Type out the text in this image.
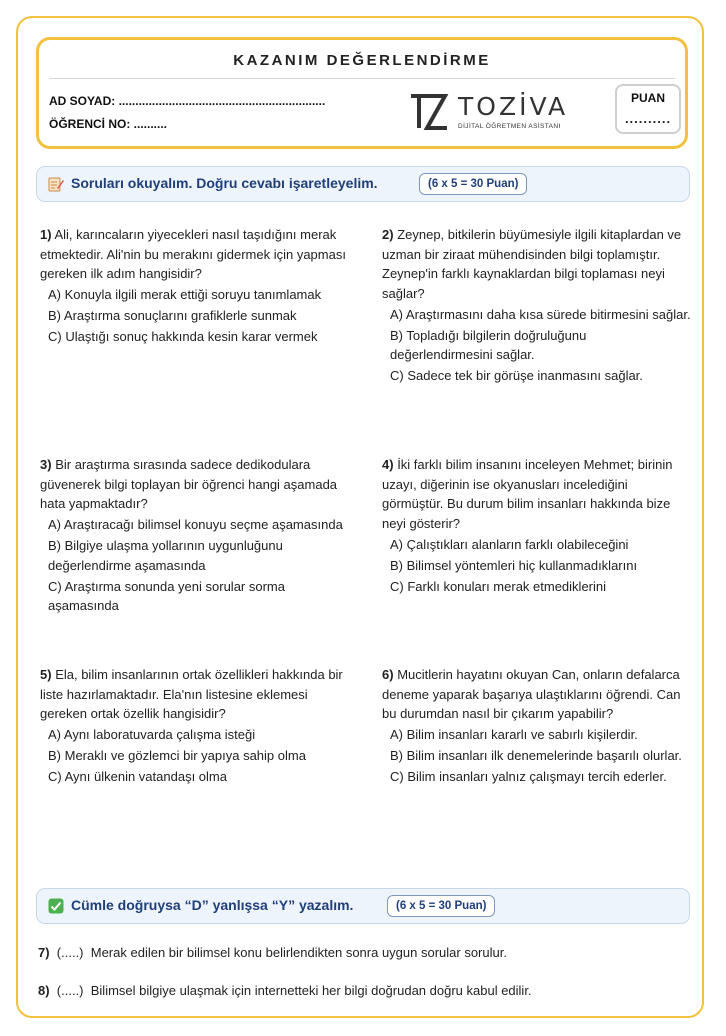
KAZANIM DEĞERLENDİRME
AD SOYAD: ..............................................................
ÖĞRENCİ NO: ..........
TOZİVA
DİJİTAL ÖĞRETMEN ASİSTANI
PUAN
..........
Soruları okuyalım. Doğru cevabı işaretleyelim.	(6 x 5 = 30 Puan)
1) Ali, karıncaların yiyecekleri nasıl taşıdığını merak etmektedir. Ali'nin bu merakını gidermek için yapması gereken ilk adım hangisidir?
A) Konuyla ilgili merak ettiği soruyu tanımlamak
B) Araştırma sonuçlarını grafiklerle sunmak
C) Ulaştığı sonuç hakkında kesin karar vermek
2) Zeynep, bitkilerin büyümesiyle ilgili kitaplardan ve uzman bir ziraat mühendisinden bilgi toplamıştır. Zeynep'in farklı kaynaklardan bilgi toplaması neyi sağlar?
A) Araştırmasını daha kısa sürede bitirmesini sağlar.
B) Topladığı bilgilerin doğruluğunu değerlendirmesini sağlar.
C) Sadece tek bir görüşe inanmasını sağlar.
3) Bir araştırma sırasında sadece dedikodulara güvenerek bilgi toplayan bir öğrenci hangi aşamada hata yapmaktadır?
A) Araştıracağı bilimsel konuyu seçme aşamasında
B) Bilgiye ulaşma yollarının uygunluğunu değerlendirme aşamasında
C) Araştırma sonunda yeni sorular sorma aşamasında
4) İki farklı bilim insanını inceleyen Mehmet; birinin uzayı, diğerinin ise okyanusları incelediğini görmüştür. Bu durum bilim insanları hakkında bize neyi gösterir?
A) Çalıştıkları alanların farklı olabileceğini
B) Bilimsel yöntemleri hiç kullanmadıklarını
C) Farklı konuları merak etmediklerini
5) Ela, bilim insanlarının ortak özellikleri hakkında bir liste hazırlamaktadır. Ela'nın listesine eklemesi gereken ortak özellik hangisidir?
A) Aynı laboratuvarda çalışma isteği
B) Meraklı ve gözlemci bir yapıya sahip olma
C) Aynı ülkenin vatandaşı olma
6) Mucitlerin hayatını okuyan Can, onların defalarca deneme yaparak başarıya ulaştıklarını öğrendi. Can bu durumdan nasıl bir çıkarım yapabilir?
A) Bilim insanları kararlı ve sabırlı kişilerdir.
B) Bilim insanları ilk denemelerinde başarılı olurlar.
C) Bilim insanları yalnız çalışmayı tercih ederler.
Cümle doğruysa “D” yanlışsa “Y” yazalım.	(6 x 5 = 30 Puan)
7) (.....) Merak edilen bir bilimsel konu belirlendikten sonra uygun sorular sorulur.
8) (.....) Bilimsel bilgiye ulaşmak için internetteki her bilgi doğrudan doğru kabul edilir.
